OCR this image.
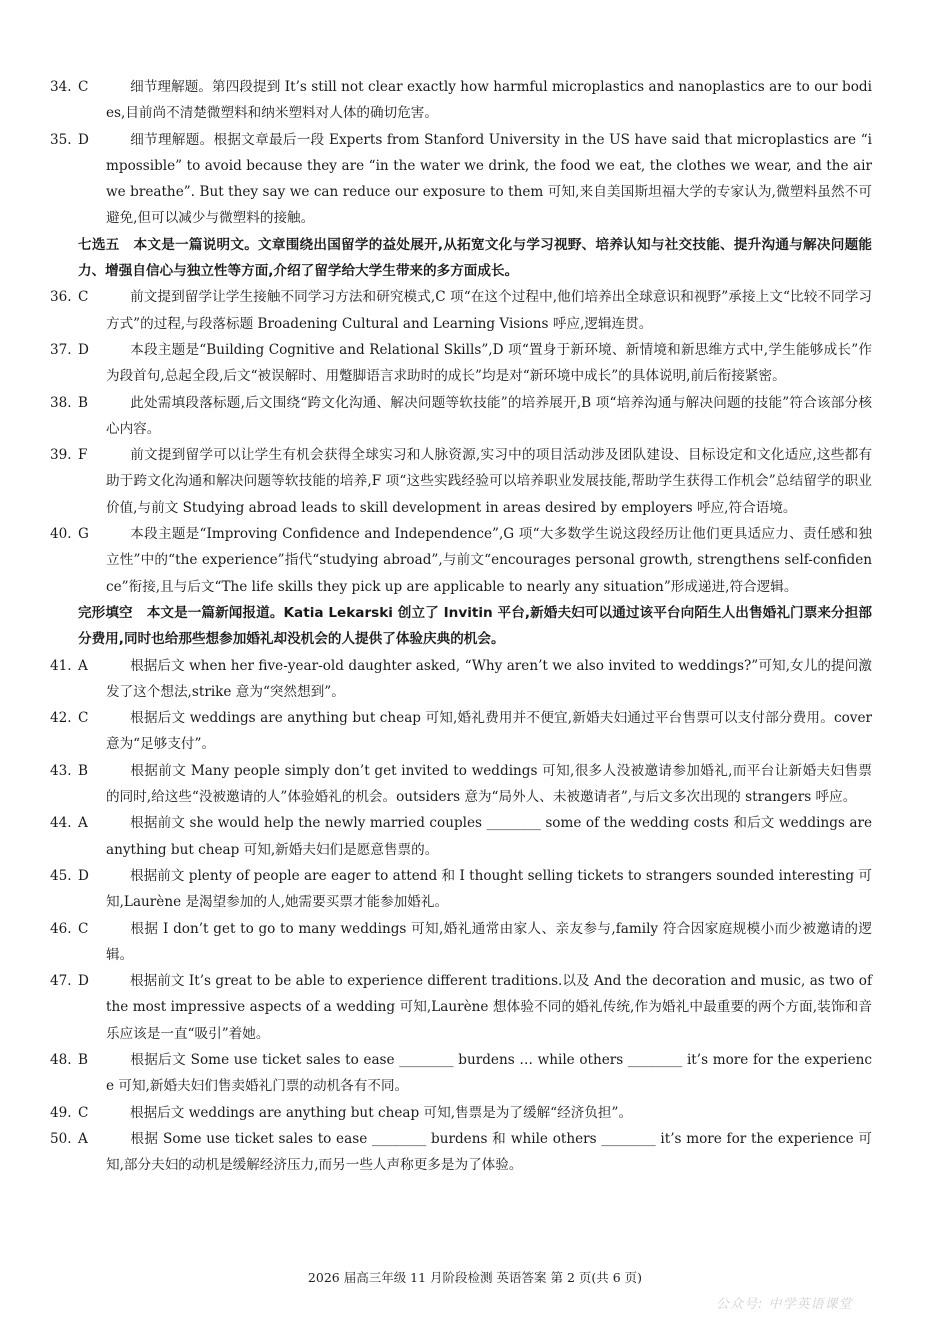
34. C	细节理解题。第四段提到 It’s still not clear exactly how harmful microplastics and nanoplastics are to our bodies,目前尚不清楚微塑料和纳米塑料对人体的确切危害。
35. D	细节理解题。根据文章最后一段 Experts from Stanford University in the US have said that microplastics are “impossible” to avoid because they are “in the water we drink, the food we eat, the clothes we wear, and the air we breathe”. But they say we can reduce our exposure to them 可知,来自美国斯坦福大学的专家认为,微塑料虽然不可避免,但可以减少与微塑料的接触。
七选五 本文是一篇说明文。文章围绕出国留学的益处展开,从拓宽文化与学习视野、培养认知与社交技能、提升沟通与解决问题能力、增强自信心与独立性等方面,介绍了留学给大学生带来的多方面成长。
36. C	前文提到留学让学生接触不同学习方法和研究模式,C 项“在这个过程中,他们培养出全球意识和视野”承接上文“比较不同学习方式”的过程,与段落标题 Broadening Cultural and Learning Visions 呼应,逻辑连贯。
37. D	本段主题是“Building Cognitive and Relational Skills”,D 项“置身于新环境、新情境和新思维方式中,学生能够成长”作为段首句,总起全段,后文“被误解时、用蹩脚语言求助时的成长”均是对“新环境中成长”的具体说明,前后衔接紧密。
38. B	此处需填段落标题,后文围绕“跨文化沟通、解决问题等软技能”的培养展开,B 项“培养沟通与解决问题的技能”符合该部分核心内容。
39. F	前文提到留学可以让学生有机会获得全球实习和人脉资源,实习中的项目活动涉及团队建设、目标设定和文化适应,这些都有助于跨文化沟通和解决问题等软技能的培养,F 项“这些实践经验可以培养职业发展技能,帮助学生获得工作机会”总结留学的职业价值,与前文 Studying abroad leads to skill development in areas desired by employers 呼应,符合语境。
40. G	本段主题是“Improving Confidence and Independence”,G 项“大多数学生说这段经历让他们更具适应力、责任感和独立性”中的“the experience”指代“studying abroad”,与前文“encourages personal growth, strengthens self-confidence”衔接,且与后文“The life skills they pick up are applicable to nearly any situation”形成递进,符合逻辑。
完形填空 本文是一篇新闻报道。Katia Lekarski 创立了 Invitin 平台,新婚夫妇可以通过该平台向陌生人出售婚礼门票来分担部分费用,同时也给那些想参加婚礼却没机会的人提供了体验庆典的机会。
41. A	根据后文 when her five-year-old daughter asked, “Why aren’t we also invited to weddings?”可知,女儿的提问激发了这个想法,strike 意为“突然想到”。
42. C	根据后文 weddings are anything but cheap 可知,婚礼费用并不便宜,新婚夫妇通过平台售票可以支付部分费用。cover 意为“足够支付”。
43. B	根据前文 Many people simply don’t get invited to weddings 可知,很多人没被邀请参加婚礼,而平台让新婚夫妇售票的同时,给这些“没被邀请的人”体验婚礼的机会。outsiders 意为“局外人、未被邀请者”,与后文多次出现的 strangers 呼应。
44. A	根据前文 she would help the newly married couples ________ some of the wedding costs 和后文 weddings are anything but cheap 可知,新婚夫妇们是愿意售票的。
45. D	根据前文 plenty of people are eager to attend 和 I thought selling tickets to strangers sounded interesting 可知,Laurène 是渴望参加的人,她需要买票才能参加婚礼。
46. C	根据 I don’t get to go to many weddings 可知,婚礼通常由家人、亲友参与,family 符合因家庭规模小而少被邀请的逻辑。
47. D	根据前文 It’s great to be able to experience different traditions.以及 And the decoration and music, as two of the most impressive aspects of a wedding 可知,Laurène 想体验不同的婚礼传统,作为婚礼中最重要的两个方面,装饰和音乐应该是一直“吸引”着她。
48. B	根据后文 Some use ticket sales to ease ________ burdens … while others ________ it’s more for the experience 可知,新婚夫妇们售卖婚礼门票的动机各有不同。
49. C	根据后文 weddings are anything but cheap 可知,售票是为了缓解“经济负担”。
50. A	根据 Some use ticket sales to ease ________ burdens 和 while others ________ it’s more for the experience 可知,部分夫妇的动机是缓解经济压力,而另一些人声称更多是为了体验。
2026 届高三年级 11 月阶段检测 英语答案 第 2 页(共 6 页)
公众号: 中学英语课堂
